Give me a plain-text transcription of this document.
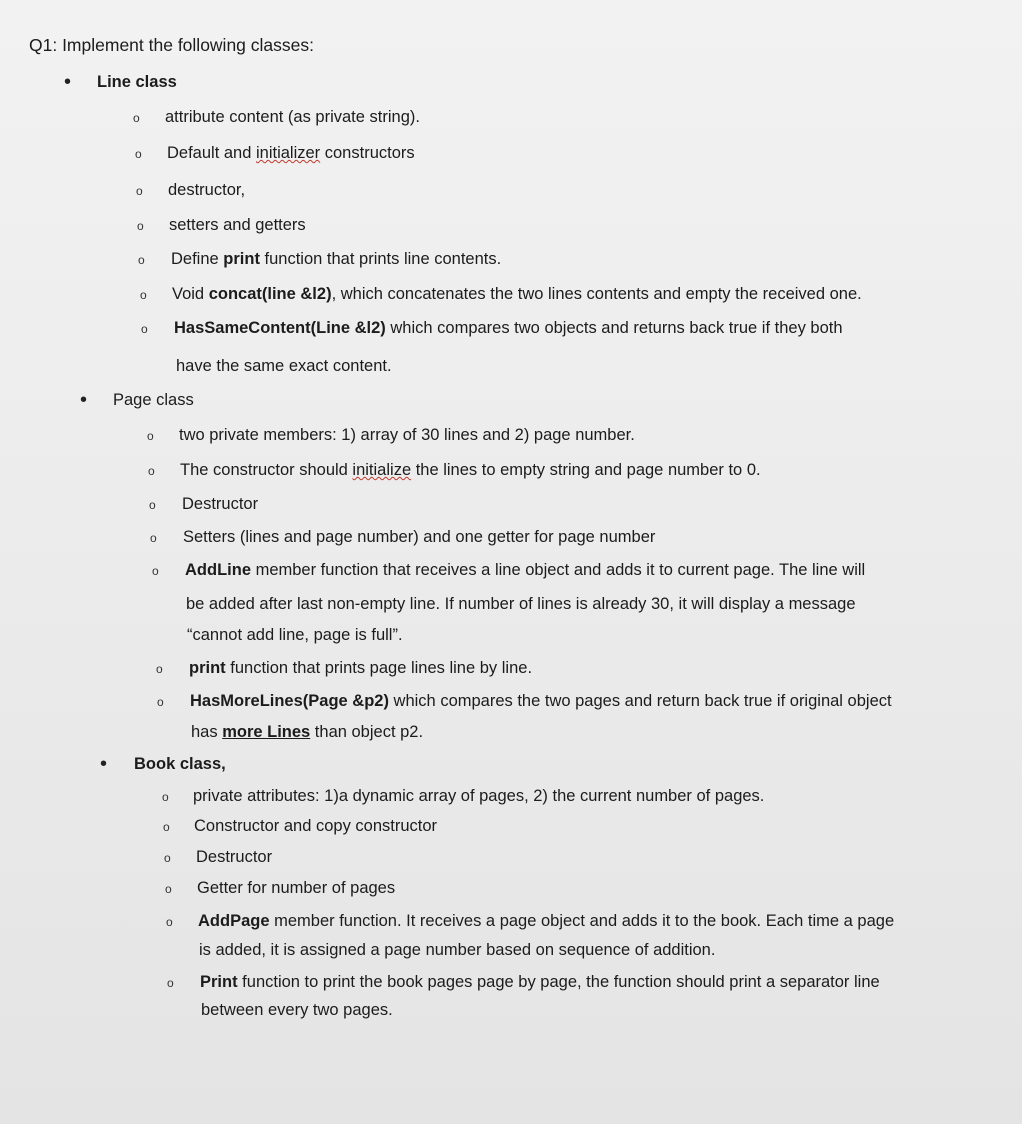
Q1: Implement the following classes:
• Line class
o attribute content (as private string).
o Default and initializer constructors
o destructor,
o setters and getters
o Define print function that prints line contents.
o Void concat(line &l2), which concatenates the two lines contents and empty the received one.
o HasSameContent(Line &l2) which compares two objects and returns back true if they both
have the same exact content.
• Page class
o two private members: 1) array of 30 lines and 2) page number.
o The constructor should initialize the lines to empty string and page number to 0.
o Destructor
o Setters (lines and page number) and one getter for page number
o AddLine member function that receives a line object and adds it to current page. The line will
be added after last non-empty line. If number of lines is already 30, it will display a message
“cannot add line, page is full”.
o print function that prints page lines line by line.
o HasMoreLines(Page &p2) which compares the two pages and return back true if original object
has more Lines than object p2.
• Book class,
o private attributes: 1)a dynamic array of pages, 2) the current number of pages.
o Constructor and copy constructor
o Destructor
o Getter for number of pages
o AddPage member function. It receives a page object and adds it to the book. Each time a page
is added, it is assigned a page number based on sequence of addition.
o Print function to print the book pages page by page, the function should print a separator line
between every two pages.
